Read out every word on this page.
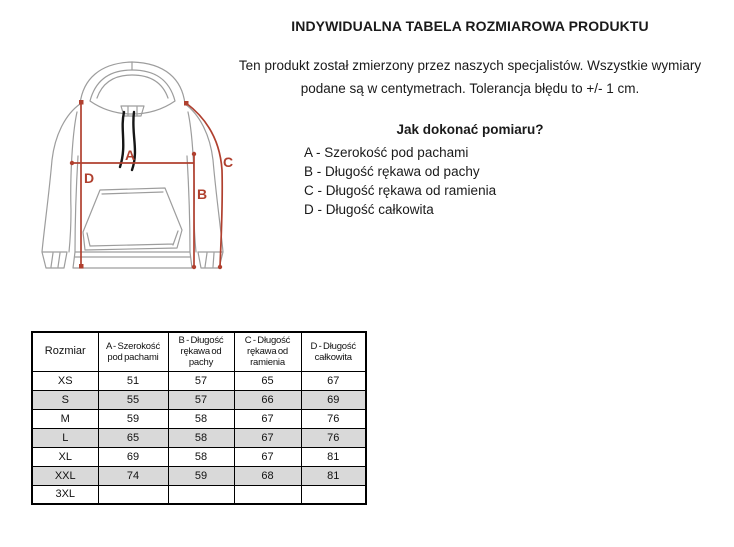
A
B
C
D
INDYWIDUALNA TABELA ROZMIAROWA PRODUKTU
Ten produkt został zmierzony przez naszych specjalistów. Wszystkie wymiary
podane są w centymetrach. Tolerancja błędu to +/- 1 cm.
Jak dokonać pomiaru?
A - Szerokość pod pachami
B - Długość rękawa od pachy
C - Długość rękawa od ramienia
D - Długość całkowita
Rozmiar	A - Szerokość pod pachami	B - Długość rękawa od pachy	C - Długość rękawa od ramienia	D - Długość całkowita
XS	51	57	65	67
S	55	57	66	69
M	59	58	67	76
L	65	58	67	76
XL	69	58	67	81
XXL	74	59	68	81
3XL				
